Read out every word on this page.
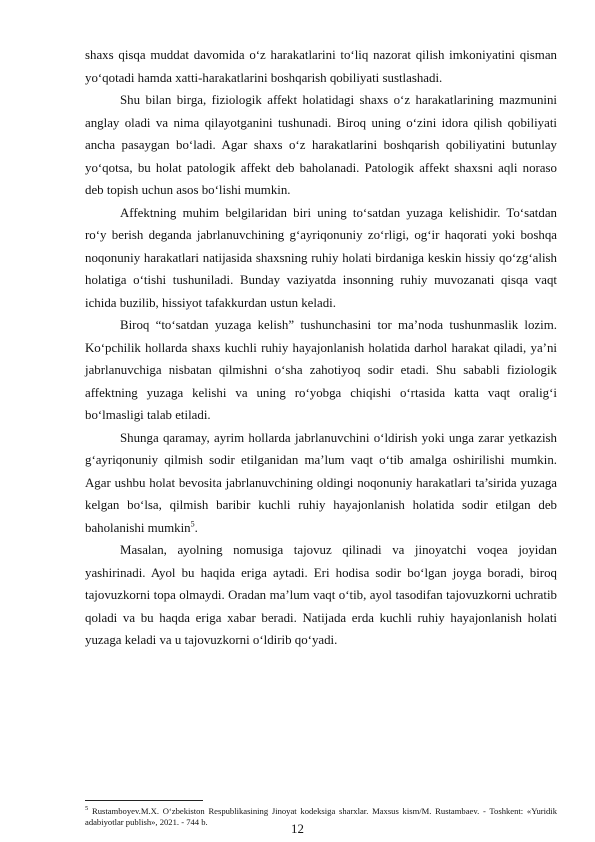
shaxs qisqa muddat davomida o‘z harakatlarini to‘liq nazorat qilish imkoniyatini qisman yo‘qotadi hamda xatti-harakatlarini boshqarish qobiliyati sustlashadi.

Shu bilan birga, fiziologik affekt holatidagi shaxs o‘z harakatlarining mazmunini anglay oladi va nima qilayotganini tushunadi. Biroq uning o‘zini idora qilish qobiliyati ancha pasaygan bo‘ladi. Agar shaxs o‘z harakatlarini boshqarish qobiliyatini butunlay yo‘qotsa, bu holat patologik affekt deb baholanadi. Patologik affekt shaxsni aqli noraso deb topish uchun asos bo‘lishi mumkin.

Affektning muhim belgilaridan biri uning to‘satdan yuzaga kelishidir. To‘satdan ro‘y berish deganda jabrlanuvchining g‘ayriqonuniy zo‘rligi, og‘ir haqorati yoki boshqa noqonuniy harakatlari natijasida shaxsning ruhiy holati birdaniga keskin hissiy qo‘zg‘alish holatiga o‘tishi tushuniladi. Bunday vaziyatda insonning ruhiy muvozanati qisqa vaqt ichida buzilib, hissiyot tafakkurdan ustun keladi.

Biroq “to‘satdan yuzaga kelish” tushunchasini tor ma’noda tushunmaslik lozim. Ko‘pchilik hollarda shaxs kuchli ruhiy hayajonlanish holatida darhol harakat qiladi, ya’ni jabrlanuvchiga nisbatan qilmishni o‘sha zahotiyoq sodir etadi. Shu sababli fiziologik affektning yuzaga kelishi va uning ro‘yobga chiqishi o‘rtasida katta vaqt oralig‘i bo‘lmasligi talab etiladi.

Shunga qaramay, ayrim hollarda jabrlanuvchini o‘ldirish yoki unga zarar yetkazish g‘ayriqonuniy qilmish sodir etilganidan ma’lum vaqt o‘tib amalga oshirilishi mumkin. Agar ushbu holat bevosita jabrlanuvchining oldingi noqonuniy harakatlari ta’sirida yuzaga kelgan bo‘lsa, qilmish baribir kuchli ruhiy hayajonlanish holatida sodir etilgan deb baholanishi mumkin$^5$.

Masalan, ayolning nomusiga tajovuz qilinadi va jinoyatchi voqea joyidan yashirinadi. Ayol bu haqida eriga aytadi. Eri hodisa sodir bo‘lgan joyga boradi, biroq tajovuzkorni topa olmaydi. Oradan ma’lum vaqt o‘tib, ayol tasodifan tajovuzkorni uchratib qoladi va bu haqda eriga xabar beradi. Natijada erda kuchli ruhiy hayajonlanish holati yuzaga keladi va u tajovuzkorni o‘ldirib qo‘yadi.

$^5$ Rustamboyev.M.X. O‘zbekiston Respublikasining Jinoyat kodeksiga sharxlar. Maxsus kism/M. Rustambaev. - Toshkent: «Yuridik adabiyotlar publish», 2021. - 744 b.
12
